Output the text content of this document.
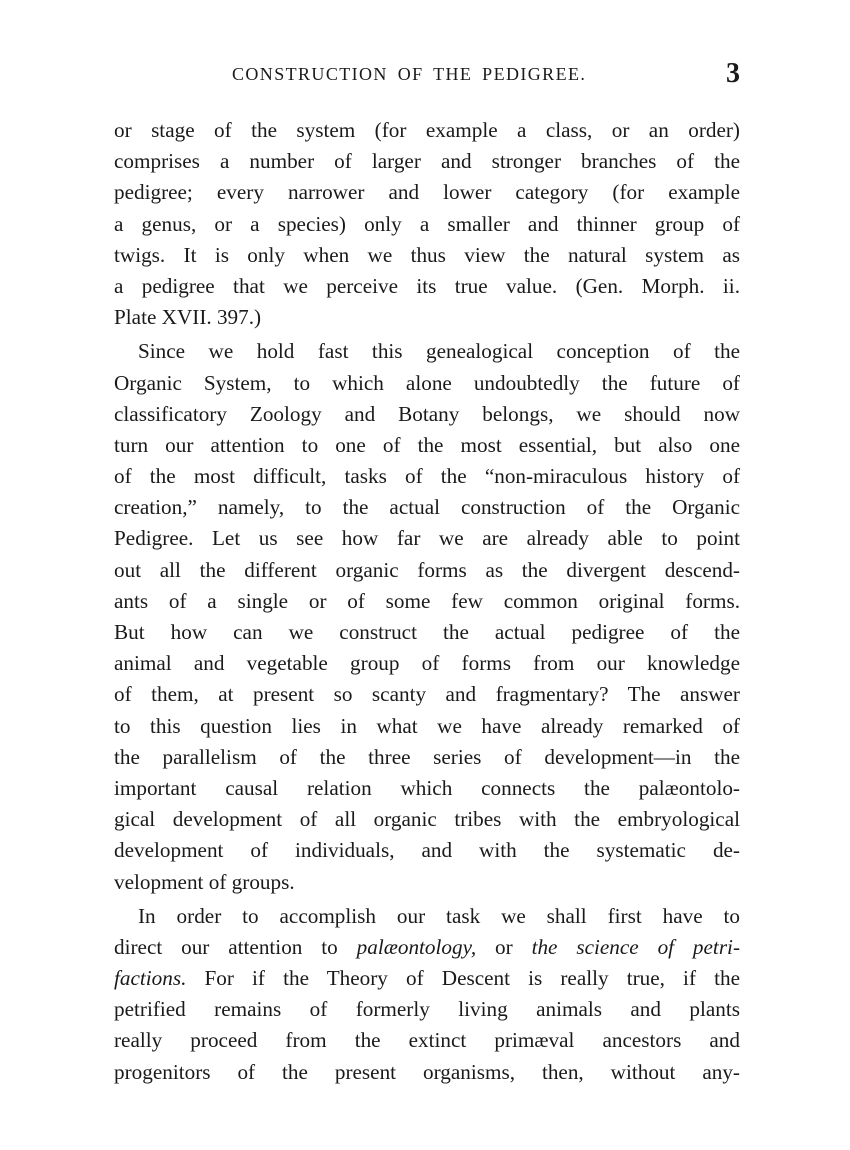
CONSTRUCTION OF THE PEDIGREE.	3
or stage of the system (for example a class, or an order)
comprises a number of larger and stronger branches of the
pedigree; every narrower and lower category (for example
a genus, or a species) only a smaller and thinner group of
twigs. It is only when we thus view the natural system as
a pedigree that we perceive its true value. (Gen. Morph. ii.
Plate XVII. 397.)
Since we hold fast this genealogical conception of the
Organic System, to which alone undoubtedly the future of
classificatory Zoology and Botany belongs, we should now
turn our attention to one of the most essential, but also one
of the most difficult, tasks of the “non-miraculous history of
creation,” namely, to the actual construction of the Organic
Pedigree. Let us see how far we are already able to point
out all the different organic forms as the divergent descend-
ants of a single or of some few common original forms.
But how can we construct the actual pedigree of the
animal and vegetable group of forms from our knowledge
of them, at present so scanty and fragmentary? The answer
to this question lies in what we have already remarked of
the parallelism of the three series of development—in the
important causal relation which connects the palæontolo-
gical development of all organic tribes with the embryological
development of individuals, and with the systematic de-
velopment of groups.
In order to accomplish our task we shall first have to
direct our attention to palæontology, or the science of petri-
factions. For if the Theory of Descent is really true, if the
petrified remains of formerly living animals and plants
really proceed from the extinct primæval ancestors and
progenitors of the present organisms, then, without any-
